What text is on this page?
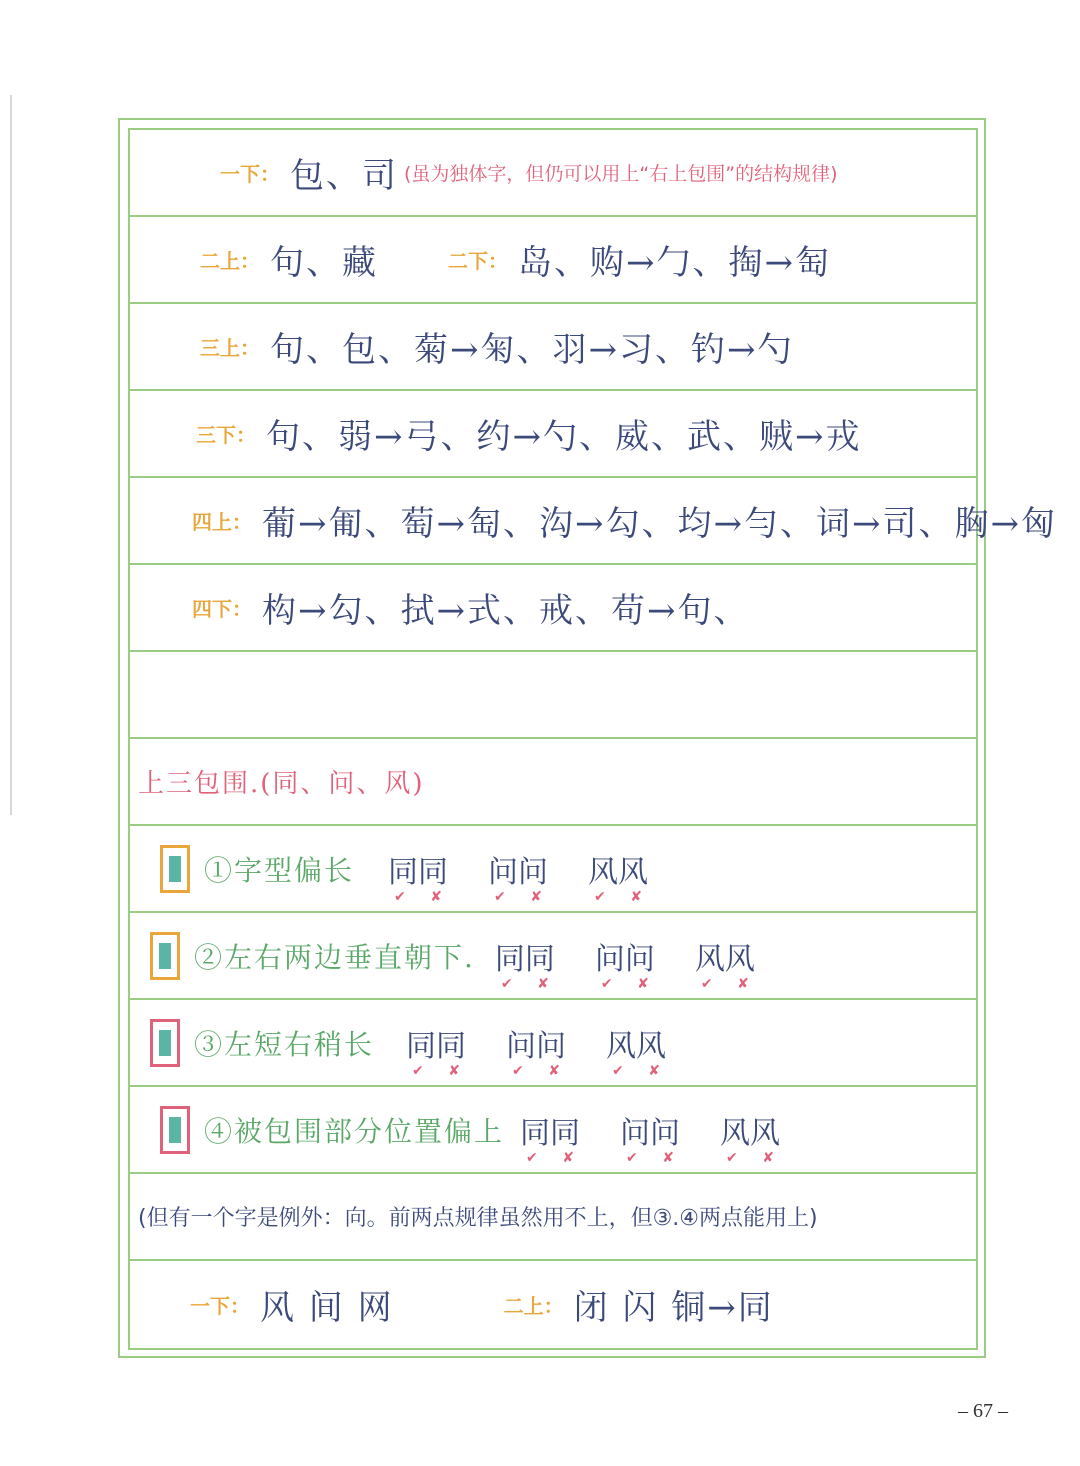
一下： 包、司 (虽为独体字，但仍可以用上“右上包围”的结构规律)
二上： 句、藏	二下： 岛、购→勹、掏→匋
三上： 句、包、菊→匊、羽→习、钓→勺
三下： 句、弱→弓、约→勺、威、武、贼→戎
四上： 葡→匍、萄→匋、沟→勾、均→勻、词→司、胸→匈
四下： 构→勾、拭→式、戒、苟→句、
上三包围.(同、问、风)
①字型偏长 同同
✔ ✘
问问
✔ ✘
风风
✔ ✘
②左右两边垂直朝下. 同同
✔ ✘
问问
✔ ✘
风风
✔ ✘
③左短右稍长 同同
✔ ✘
问问
✔ ✘
风风
✔ ✘
④被包围部分位置偏上 同同
✔ ✘
问问
✔ ✘
风风
✔ ✘
(但有一个字是例外：向。前两点规律虽然用不上，但③.④两点能用上)
一下： 风 间 网	二上： 闭 闪 铜→同
– 67 –
